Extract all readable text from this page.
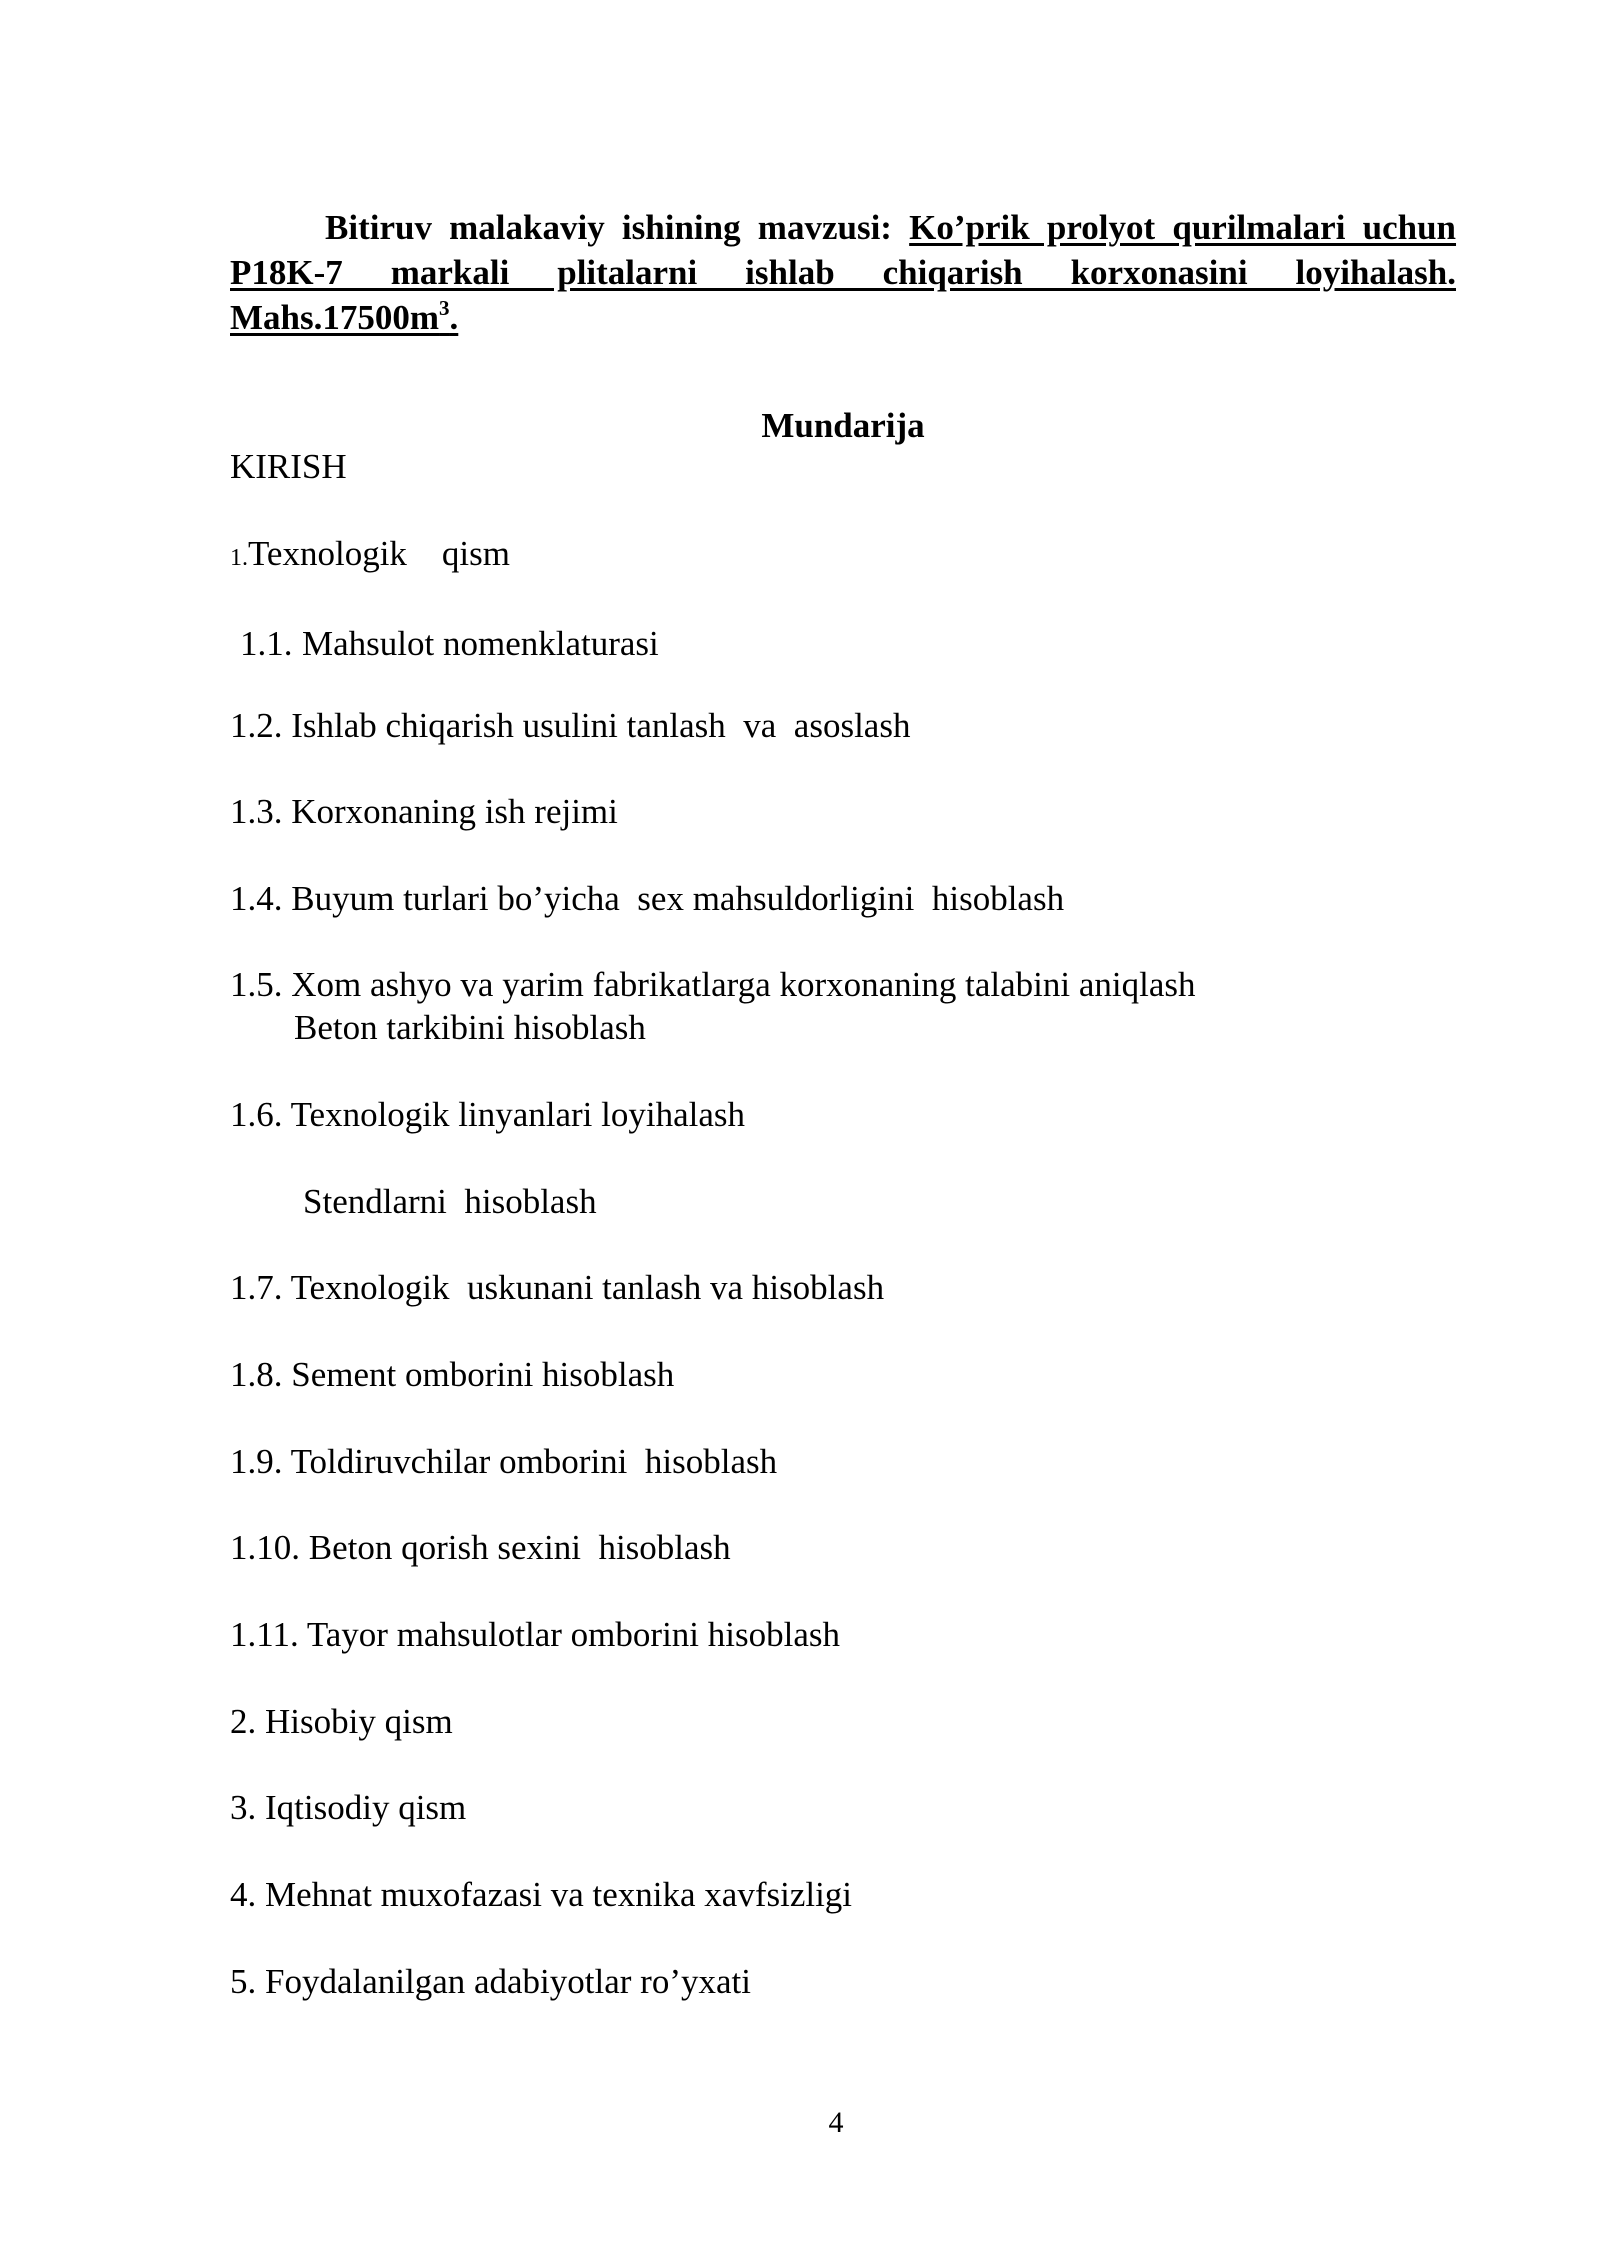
Bitiruv malakaviy ishining mavzusi: Ko’prik prolyot qurilmalari uchun P18K-7 markali plitalarni ishlab chiqarish korxonasini loyihalash. $Mahs.17500m^3$.
Mundarija
KIRISH
1.Texnologik    qism
1.1. Mahsulot nomenklaturasi
1.2. Ishlab chiqarish usulini tanlash  va  asoslash
1.3. Korxonaning ish rejimi
1.4. Buyum turlari bo’yicha  sex mahsuldorligini  hisoblash
1.5. Xom ashyo va yarim fabrikatlarga korxonaning talabini aniqlash
Beton tarkibini hisoblash
1.6. Texnologik linyanlari loyihalash
Stendlarni  hisoblash
1.7. Texnologik  uskunani tanlash va hisoblash
1.8. Sement omborini hisoblash
1.9. Toldiruvchilar omborini  hisoblash
1.10. Beton qorish sexini  hisoblash
1.11. Tayor mahsulotlar omborini hisoblash
2. Hisobiy qism
3. Iqtisodiy qism
4. Mehnat muxofazasi va texnika xavfsizligi
5. Foydalanilgan adabiyotlar ro’yxati
4
